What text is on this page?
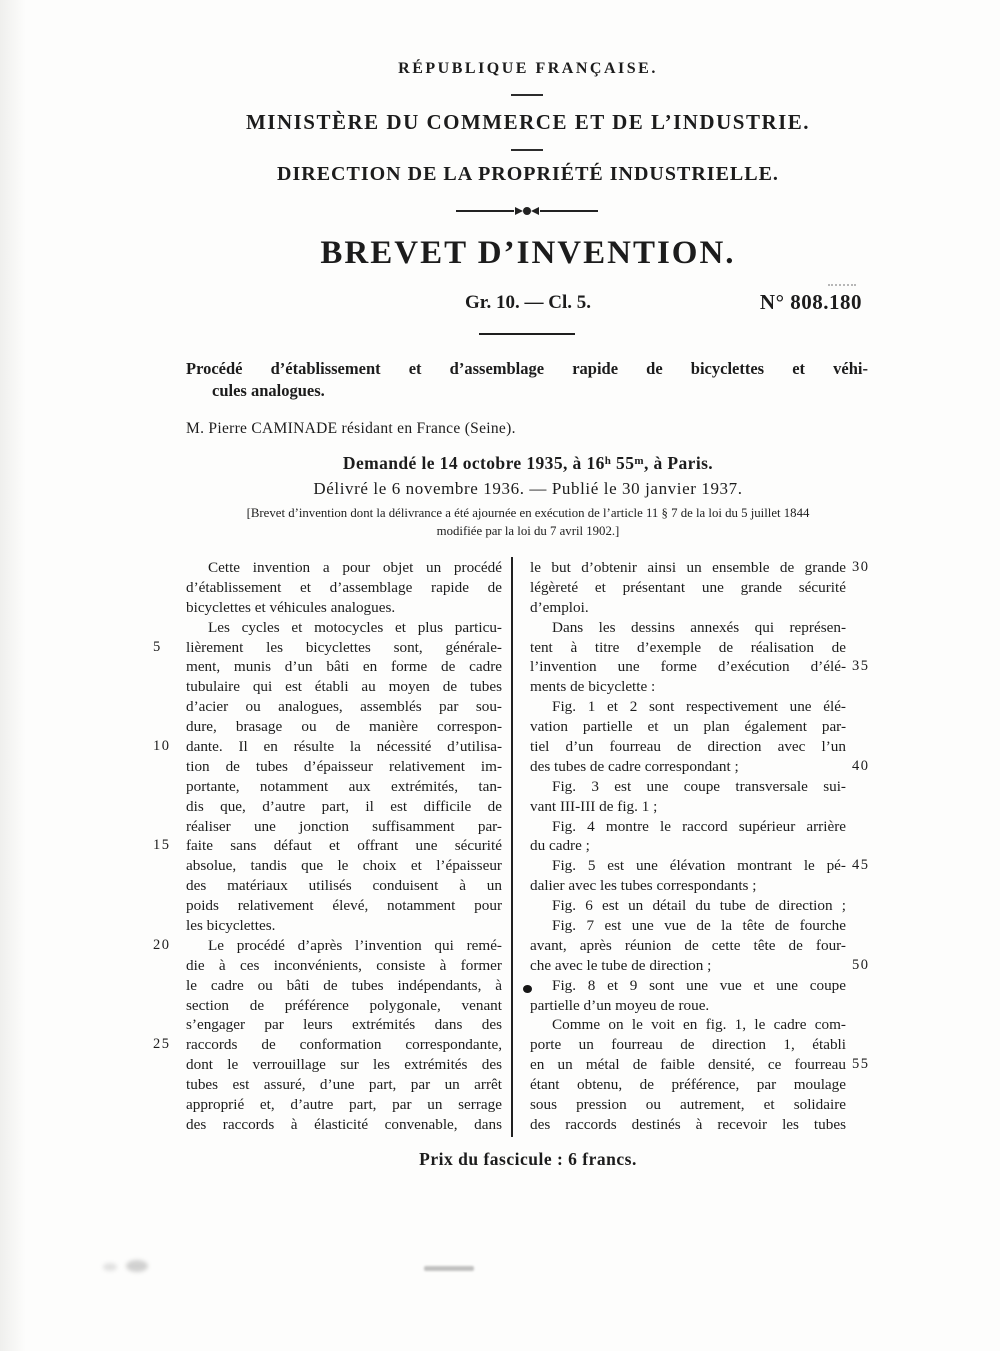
RÉPUBLIQUE FRANÇAISE.
MINISTÈRE DU COMMERCE ET DE L’INDUSTRIE.
DIRECTION DE LA PROPRIÉTÉ INDUSTRIELLE.
BREVET D’INVENTION.
Gr. 10. — Cl. 5.	N° 808.180
Procédé d’établissement et d’assemblage rapide de bicyclettes et véhi-
cules analogues.
M. Pierre CAMINADE résidant en France (Seine).
Demandé le 14 octobre 1935, à 16$^h$ 55$^m$, à Paris.
Délivré le 6 novembre 1936. — Publié le 30 janvier 1937.
[Brevet d’invention dont la délivrance a été ajournée en exécution de l’article 11 § 7 de la loi du 5 juillet 1844
modifiée par la loi du 7 avril 1902.]
Cette invention a pour objet un procédé
d’établissement et d’assemblage rapide de
bicyclettes et véhicules analogues.
Les cycles et motocycles et plus particu-
5 lièrement les bicyclettes sont, générale-
ment, munis d’un bâti en forme de cadre
tubulaire qui est établi au moyen de tubes
d’acier ou analogues, assemblés par sou-
dure, brasage ou de manière correspon-
10 dante. Il en résulte la nécessité d’utilisa-
tion de tubes d’épaisseur relativement im-
portante, notamment aux extrémités, tan-
dis que, d’autre part, il est difficile de
réaliser une jonction suffisamment par-
15 faite sans défaut et offrant une sécurité
absolue, tandis que le choix et l’épaisseur
des matériaux utilisés conduisent à un
poids relativement élevé, notamment pour
les bicyclettes.
20 Le procédé d’après l’invention qui remé-
die à ces inconvénients, consiste à former
le cadre ou bâti de tubes indépendants, à
section de préférence polygonale, venant
s’engager par leurs extrémités dans des
25 raccords de conformation correspondante,
dont le verrouillage sur les extrémités des
tubes est assuré, d’une part, par un arrêt
approprié et, d’autre part, par un serrage
des raccords à élasticité convenable, dans
30
le but d’obtenir ainsi un ensemble de grande
légèreté et présentant une grande sécurité
d’emploi.
Dans les dessins annexés qui représen-
tent à titre d’exemple de réalisation de
35
l’invention une forme d’exécution d’élé-
ments de bicyclette :
Fig. 1 et 2 sont respectivement une élé-
vation partielle et un plan également par-
tiel d’un fourreau de direction avec l’un
40
des tubes de cadre correspondant ;
Fig. 3 est une coupe transversale sui-
vant III-III de fig. 1 ;
Fig. 4 montre le raccord supérieur arrière
du cadre ;
45
Fig. 5 est une élévation montrant le pé-
dalier avec les tubes correspondants ;
Fig. 6 est un détail du tube de direction ;
Fig. 7 est une vue de la tête de fourche
avant, après réunion de cette tête de four-
50
che avec le tube de direction ;
Fig. 8 et 9 sont une vue et une coupe
partielle d’un moyeu de roue.
Comme on le voit en fig. 1, le cadre com-
porte un fourreau de direction 1, établi
55
en un métal de faible densité, ce fourreau
étant obtenu, de préférence, par moulage
sous pression ou autrement, et solidaire
des raccords destinés à recevoir les tubes
Prix du fascicule : 6 francs.
